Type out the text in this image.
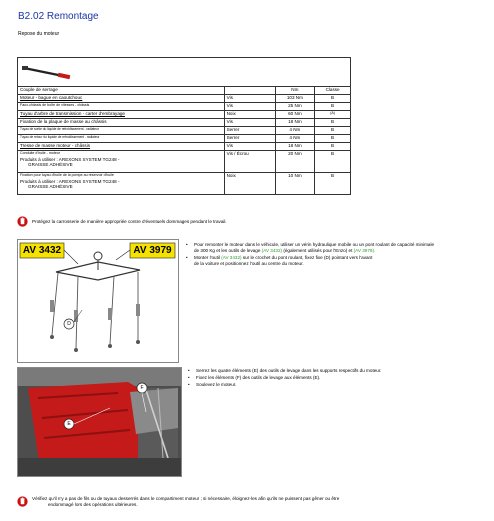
B2.02 Remontage
Repose du moteur

Couple de serrage		Nm	Classe
Moteur - bague en caoutchouc	Vis	103 Nm	B
Faux-châssis de boîte de vitesses - châssis	Vis	25 Nm	B
Tuyau d'arbre de transmission - carter d'embrayage	Noix	60 Nm	(A)
Fixation de la plaque de masse au châssis	Vis	18 Nm	B
Tuyau de sortie du liquide de refroidissement - radiateur	Serrer	4 Nm	B
Tuyau de retour du liquide de refroidissement - radiateur	Serrer	4 Nm	B
Tresse de masse moteur - châssis	Vis	18 Nm	B

Conduite d'huile - moteur
Produits à utiliser : AREXONS SYSTEM TG248 -
GRAISSE ADHÉSIVE	Vis / Écrou	20 Nm	B

Fixation pour tuyau d'huile de la pompe au réservoir d'huile
Produits à utiliser : AREXONS SYSTEM TG248 -
GRAISSE ADHÉSIVE	Noix	10 Nm	B
Protégez la carrosserie de manière appropriée contre d'éventuels dommages pendant le travail.
AV 3432	AV 3979
D

• Pour remonter le moteur dans le véhicule, utiliser un vérin hydraulique mobile ou un pont roulant de capacité minimale
de 300 Kg et les outils de levage (AV 3432) (également utilisés pour l'Enzo) et (AV 3979).

• Monter l'outil (AV 3432) sur le crochet du pont roulant, fixez fixe (D) pointant vers l'avant
de la voiture et positionnez l'outil au centre du moteur.

E
F

• Serrez les quatre éléments (E) des outils de levage dans les supports respectifs du moteur.

• Fixez les éléments (F) des outils de levage aux éléments (E).

• Soulevez le moteur.

Vérifiez qu'il n'y a pas de fils ou de tuyaux desserrés dans le compartiment moteur ; si nécessaire, éloignez-les afin qu'ils ne puissent pas gêner ou être
endommagé lors des opérations ultérieures.
